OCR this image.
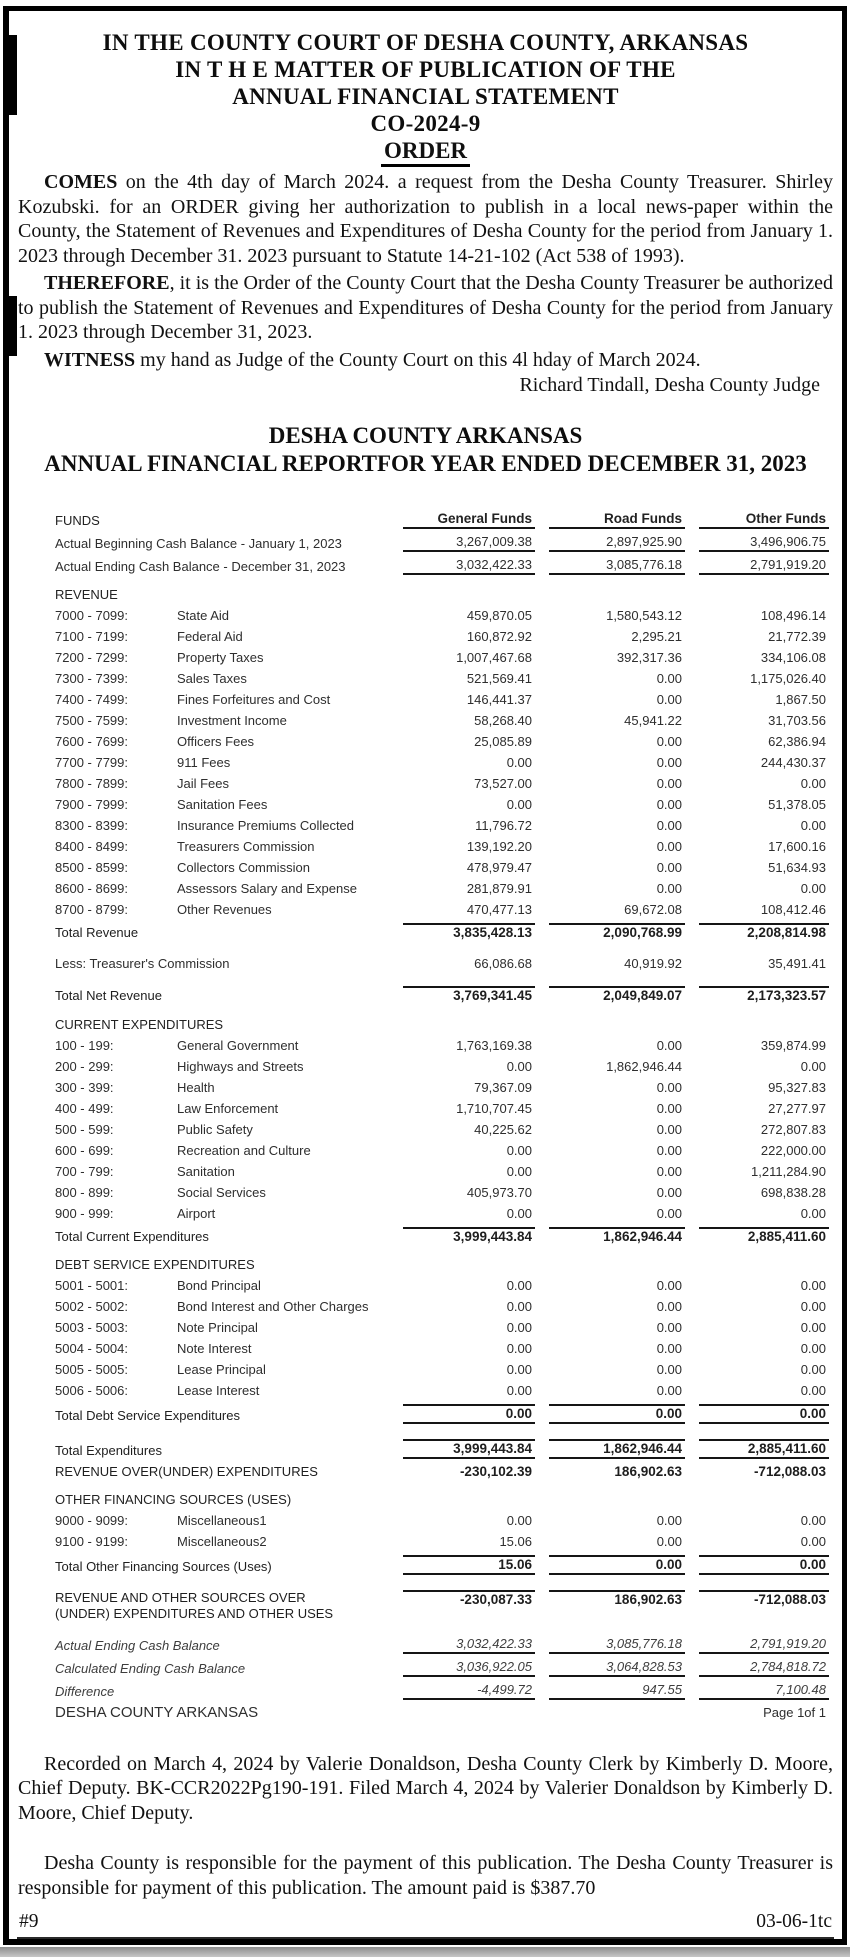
IN THE COUNTY COURT OF DESHA COUNTY, ARKANSAS
IN T H E MATTER OF PUBLICATION OF THE
ANNUAL FINANCIAL STATEMENT
CO-2024-9
ORDER

COMES on the 4th day of March 2024. a request from the Desha County Treasurer. Shirley Kozubski. for an ORDER giving her authorization to publish in a local news-paper within the County, the Statement of Revenues and Expenditures of Desha County for the period from January 1. 2023 through December 31. 2023 pursuant to Statute 14-21-102 (Act 538 of 1993).

THEREFORE, it is the Order of the County Court that the Desha County Treasurer be authorized to publish the Statement of Revenues and Expenditures of Desha County for the period from January 1. 2023 through December 31, 2023.

WITNESS my hand as Judge of the County Court on this 4l hday of March 2024.

Richard Tindall, Desha County Judge
DESHA COUNTY ARKANSAS
ANNUAL FINANCIAL REPORTFOR YEAR ENDED DECEMBER 31, 2023
FUNDS	General Funds	Road Funds	Other Funds

Actual Beginning Cash Balance - January 1, 2023	3,267,009.38	2,897,925.90	3,496,906.75

Actual Ending Cash Balance - December 31, 2023	3,032,422.33	3,085,776.18	2,791,919.20

REVENUE			
7000 - 7099: State Aid	459,870.05	1,580,543.12	108,496.14

7100 - 7199: Federal Aid	160,872.92	2,295.21	21,772.39

7200 - 7299: Property Taxes	1,007,467.68	392,317.36	334,106.08

7300 - 7399: Sales Taxes	521,569.41	0.00	1,175,026.40

7400 - 7499: Fines Forfeitures and Cost	146,441.37	0.00	1,867.50

7500 - 7599: Investment Income	58,268.40	45,941.22	31,703.56

7600 - 7699: Officers Fees	25,085.89	0.00	62,386.94

7700 - 7799: 911 Fees	0.00	0.00	244,430.37

7800 - 7899: Jail Fees	73,527.00	0.00	0.00

7900 - 7999: Sanitation Fees	0.00	0.00	51,378.05

8300 - 8399: Insurance Premiums Collected	11,796.72	0.00	0.00

8400 - 8499: Treasurers Commission	139,192.20	0.00	17,600.16

8500 - 8599: Collectors Commission	478,979.47	0.00	51,634.93

8600 - 8699: Assessors Salary and Expense	281,879.91	0.00	0.00

8700 - 8799: Other Revenues	470,477.13	69,672.08	108,412.46

Total Revenue	3,835,428.13	2,090,768.99	2,208,814.98

Less: Treasurer's Commission	66,086.68	40,919.92	35,491.41

Total Net Revenue	3,769,341.45	2,049,849.07	2,173,323.57

CURRENT EXPENDITURES			
100 - 199: General Government	1,763,169.38	0.00	359,874.99

200 - 299: Highways and Streets	0.00	1,862,946.44	0.00

300 - 399: Health	79,367.09	0.00	95,327.83

400 - 499: Law Enforcement	1,710,707.45	0.00	27,277.97

500 - 599: Public Safety	40,225.62	0.00	272,807.83

600 - 699: Recreation and Culture	0.00	0.00	222,000.00

700 - 799: Sanitation	0.00	0.00	1,211,284.90

800 - 899: Social Services	405,973.70	0.00	698,838.28

900 - 999: Airport	0.00	0.00	0.00

Total Current Expenditures	3,999,443.84	1,862,946.44	2,885,411.60

DEBT SERVICE EXPENDITURES			
5001 - 5001: Bond Principal	0.00	0.00	0.00

5002 - 5002: Bond Interest and Other Charges	0.00	0.00	0.00

5003 - 5003: Note Principal	0.00	0.00	0.00

5004 - 5004: Note Interest	0.00	0.00	0.00

5005 - 5005: Lease Principal	0.00	0.00	0.00

5006 - 5006: Lease Interest	0.00	0.00	0.00

Total Debt Service Expenditures	0.00	0.00	0.00

Total Expenditures	3,999,443.84	1,862,946.44	2,885,411.60

REVENUE OVER(UNDER) EXPENDITURES	-230,102.39	186,902.63	-712,088.03

OTHER FINANCING SOURCES (USES)			
9000 - 9099: Miscellaneous1	0.00	0.00	0.00

9100 - 9199: Miscellaneous2	15.06	0.00	0.00

Total Other Financing Sources (Uses)	15.06	0.00	0.00

REVENUE AND OTHER SOURCES OVER
(UNDER) EXPENDITURES AND OTHER USES	-230,087.33	186,902.63	-712,088.03

Actual Ending Cash Balance	3,032,422.33	3,085,776.18	2,791,919.20

Calculated Ending Cash Balance	3,036,922.05	3,064,828.53	2,784,818.72

Difference	-4,499.72	947.55	7,100.48

DESHA COUNTY ARKANSAS Page 1of 1			

Recorded on March 4, 2024 by Valerie Donaldson, Desha County Clerk by Kimberly D. Moore, Chief Deputy. BK-CCR2022Pg190-191. Filed March 4, 2024 by Valerier Donaldson by Kimberly D. Moore, Chief Deputy.

Desha County is responsible for the payment of this publication. The Desha County Treasurer is responsible for payment of this publication. The amount paid is $387.70

#9	03-06-1tc
